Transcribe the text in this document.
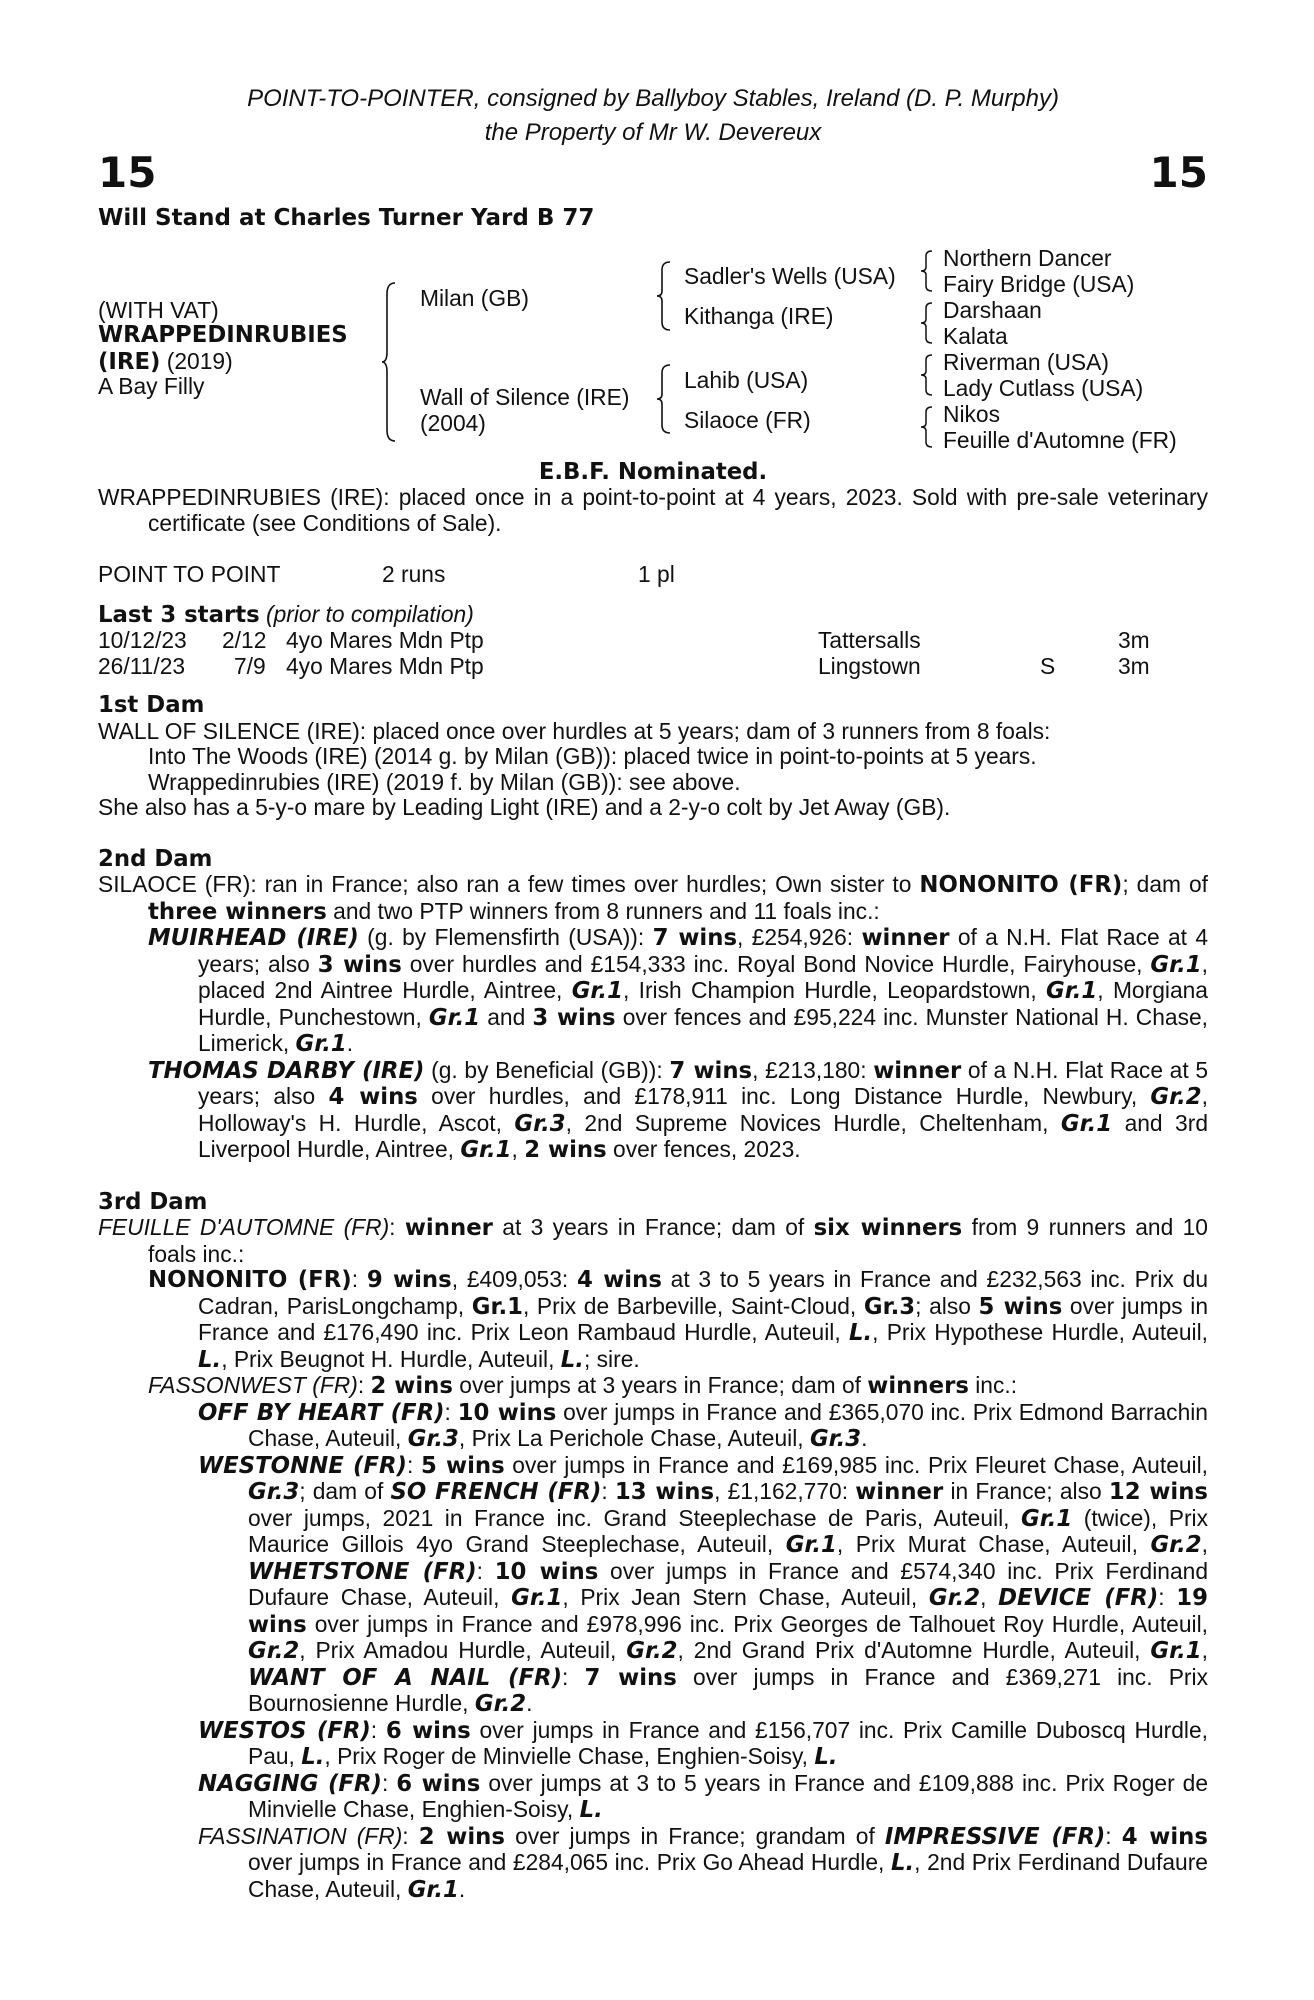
POINT-TO-POINTER, consigned by Ballyboy Stables, Ireland (D. P. Murphy)
the Property of Mr W. Devereux
15	15
Will Stand at Charles Turner Yard B 77
(WITH VAT)
WRAPPEDINRUBIES
(IRE) (2019)
A Bay Filly
Milan (GB)
Wall of Silence (IRE)
(2004)
Sadler's Wells (USA)
Kithanga (IRE)
Lahib (USA)
Silaoce (FR)
Northern Dancer
Fairy Bridge (USA)
Darshaan
Kalata
Riverman (USA)
Lady Cutlass (USA)
Nikos
Feuille d'Automne (FR)
E.B.F. Nominated.

WRAPPEDINRUBIES (IRE): placed once in a point-to-point at 4 years, 2023. Sold with pre-sale veterinary certificate (see Conditions of Sale).

POINT TO POINT	2 runs	1 pl
Last 3 starts (prior to compilation)
10/12/23 2/12 4yo Mares Mdn Ptp	Tattersalls	3m
26/11/23 7/9 4yo Mares Mdn Ptp	Lingstown	S	3m
1st Dam

WALL OF SILENCE (IRE): placed once over hurdles at 5 years; dam of 3 runners from 8 foals:

Into The Woods (IRE) (2014 g. by Milan (GB)): placed twice in point-to-points at 5 years.

Wrappedinrubies (IRE) (2019 f. by Milan (GB)): see above.

She also has a 5-y-o mare by Leading Light (IRE) and a 2-y-o colt by Jet Away (GB).

2nd Dam

SILAOCE (FR): ran in France; also ran a few times over hurdles; Own sister to NONONITO (FR); dam of three winners and two PTP winners from 8 runners and 11 foals inc.:

MUIRHEAD (IRE) (g. by Flemensfirth (USA)): 7 wins, £254,926: winner of a N.H. Flat Race at 4 years; also 3 wins over hurdles and £154,333 inc. Royal Bond Novice Hurdle, Fairyhouse, Gr.1, placed 2nd Aintree Hurdle, Aintree, Gr.1, Irish Champion Hurdle, Leopardstown, Gr.1, Morgiana Hurdle, Punchestown, Gr.1 and 3 wins over fences and £95,224 inc. Munster National H. Chase, Limerick, Gr.1.

THOMAS DARBY (IRE) (g. by Beneficial (GB)): 7 wins, £213,180: winner of a N.H. Flat Race at 5 years; also 4 wins over hurdles, and £178,911 inc. Long Distance Hurdle, Newbury, Gr.2, Holloway's H. Hurdle, Ascot, Gr.3, 2nd Supreme Novices Hurdle, Cheltenham, Gr.1 and 3rd Liverpool Hurdle, Aintree, Gr.1, 2 wins over fences, 2023.

3rd Dam

FEUILLE D'AUTOMNE (FR): winner at 3 years in France; dam of six winners from 9 runners and 10 foals inc.:

NONONITO (FR): 9 wins, £409,053: 4 wins at 3 to 5 years in France and £232,563 inc. Prix du Cadran, ParisLongchamp, Gr.1, Prix de Barbeville, Saint-Cloud, Gr.3; also 5 wins over jumps in France and £176,490 inc. Prix Leon Rambaud Hurdle, Auteuil, L., Prix Hypothese Hurdle, Auteuil, L., Prix Beugnot H. Hurdle, Auteuil, L.; sire.

FASSONWEST (FR): 2 wins over jumps at 3 years in France; dam of winners inc.:

OFF BY HEART (FR): 10 wins over jumps in France and £365,070 inc. Prix Edmond Barrachin Chase, Auteuil, Gr.3, Prix La Perichole Chase, Auteuil, Gr.3.

WESTONNE (FR): 5 wins over jumps in France and £169,985 inc. Prix Fleuret Chase, Auteuil, Gr.3; dam of SO FRENCH (FR): 13 wins, £1,162,770: winner in France; also 12 wins over jumps, 2021 in France inc. Grand Steeplechase de Paris, Auteuil, Gr.1 (twice), Prix Maurice Gillois 4yo Grand Steeplechase, Auteuil, Gr.1, Prix Murat Chase, Auteuil, Gr.2, WHETSTONE (FR): 10 wins over jumps in France and £574,340 inc. Prix Ferdinand Dufaure Chase, Auteuil, Gr.1, Prix Jean Stern Chase, Auteuil, Gr.2, DEVICE (FR): 19 wins over jumps in France and £978,996 inc. Prix Georges de Talhouet Roy Hurdle, Auteuil, Gr.2, Prix Amadou Hurdle, Auteuil, Gr.2, 2nd Grand Prix d'Automne Hurdle, Auteuil, Gr.1, WANT OF A NAIL (FR): 7 wins over jumps in France and £369,271 inc. Prix Bournosienne Hurdle, Gr.2.

WESTOS (FR): 6 wins over jumps in France and £156,707 inc. Prix Camille Duboscq Hurdle, Pau, L., Prix Roger de Minvielle Chase, Enghien-Soisy, L.

NAGGING (FR): 6 wins over jumps at 3 to 5 years in France and £109,888 inc. Prix Roger de Minvielle Chase, Enghien-Soisy, L.

FASSINATION (FR): 2 wins over jumps in France; grandam of IMPRESSIVE (FR): 4 wins over jumps in France and £284,065 inc. Prix Go Ahead Hurdle, L., 2nd Prix Ferdinand Dufaure Chase, Auteuil, Gr.1.
